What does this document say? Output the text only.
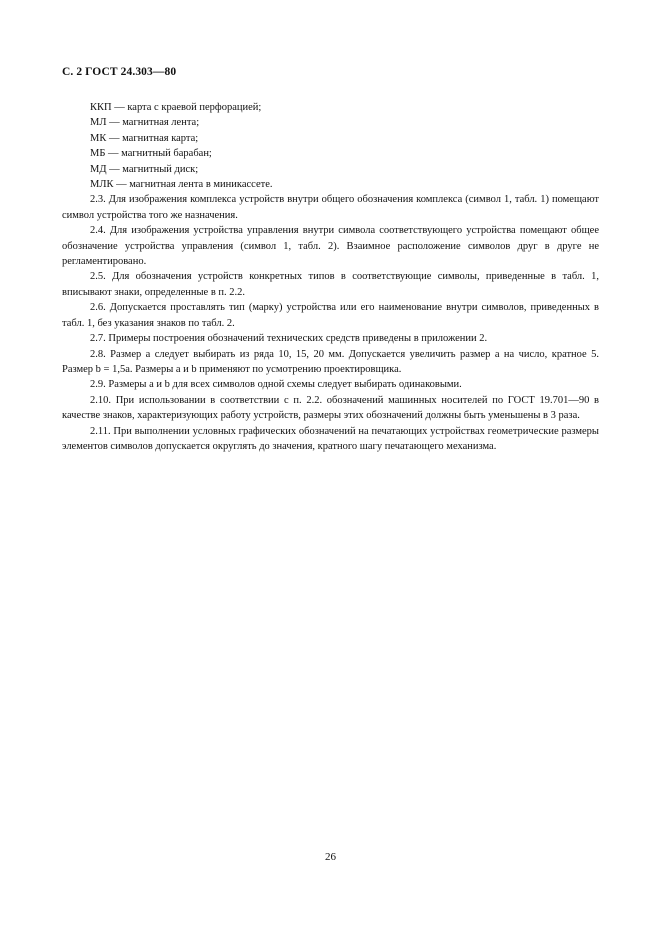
С. 2 ГОСТ 24.303—80
ККП — карта с краевой перфорацией;
МЛ — магнитная лента;
МК — магнитная карта;
МБ — магнитный барабан;
МД — магнитный диск;
МЛК — магнитная лента в миникассете.

2.3. Для изображения комплекса устройств внутри общего обозначения комплекса (символ 1, табл. 1) помещают символ устройства того же назначения.

2.4. Для изображения устройства управления внутри символа соответствующего устройства помещают общее обозначение устройства управления (символ 1, табл. 2). Взаимное расположение символов друг в друге не регламентировано.

2.5. Для обозначения устройств конкретных типов в соответствующие символы, приведенные в табл. 1, вписывают знаки, определенные в п. 2.2.

2.6. Допускается проставлять тип (марку) устройства или его наименование внутри символов, приведенных в табл. 1, без указания знаков по табл. 2.

2.7. Примеры построения обозначений технических средств приведены в приложении 2.

2.8. Размер a следует выбирать из ряда 10, 15, 20 мм. Допускается увеличить размер a на число, кратное 5. Размер b = 1,5a. Размеры a и b применяют по усмотрению проектировщика.

2.9. Размеры a и b для всех символов одной схемы следует выбирать одинаковыми.

2.10. При использовании в соответствии с п. 2.2. обозначений машинных носителей по ГОСТ 19.701—90 в качестве знаков, характеризующих работу устройств, размеры этих обозначений должны быть уменьшены в 3 раза.

2.11. При выполнении условных графических обозначений на печатающих устройствах геометрические размеры элементов символов допускается округлять до значения, кратного шагу печатающего механизма.

26
